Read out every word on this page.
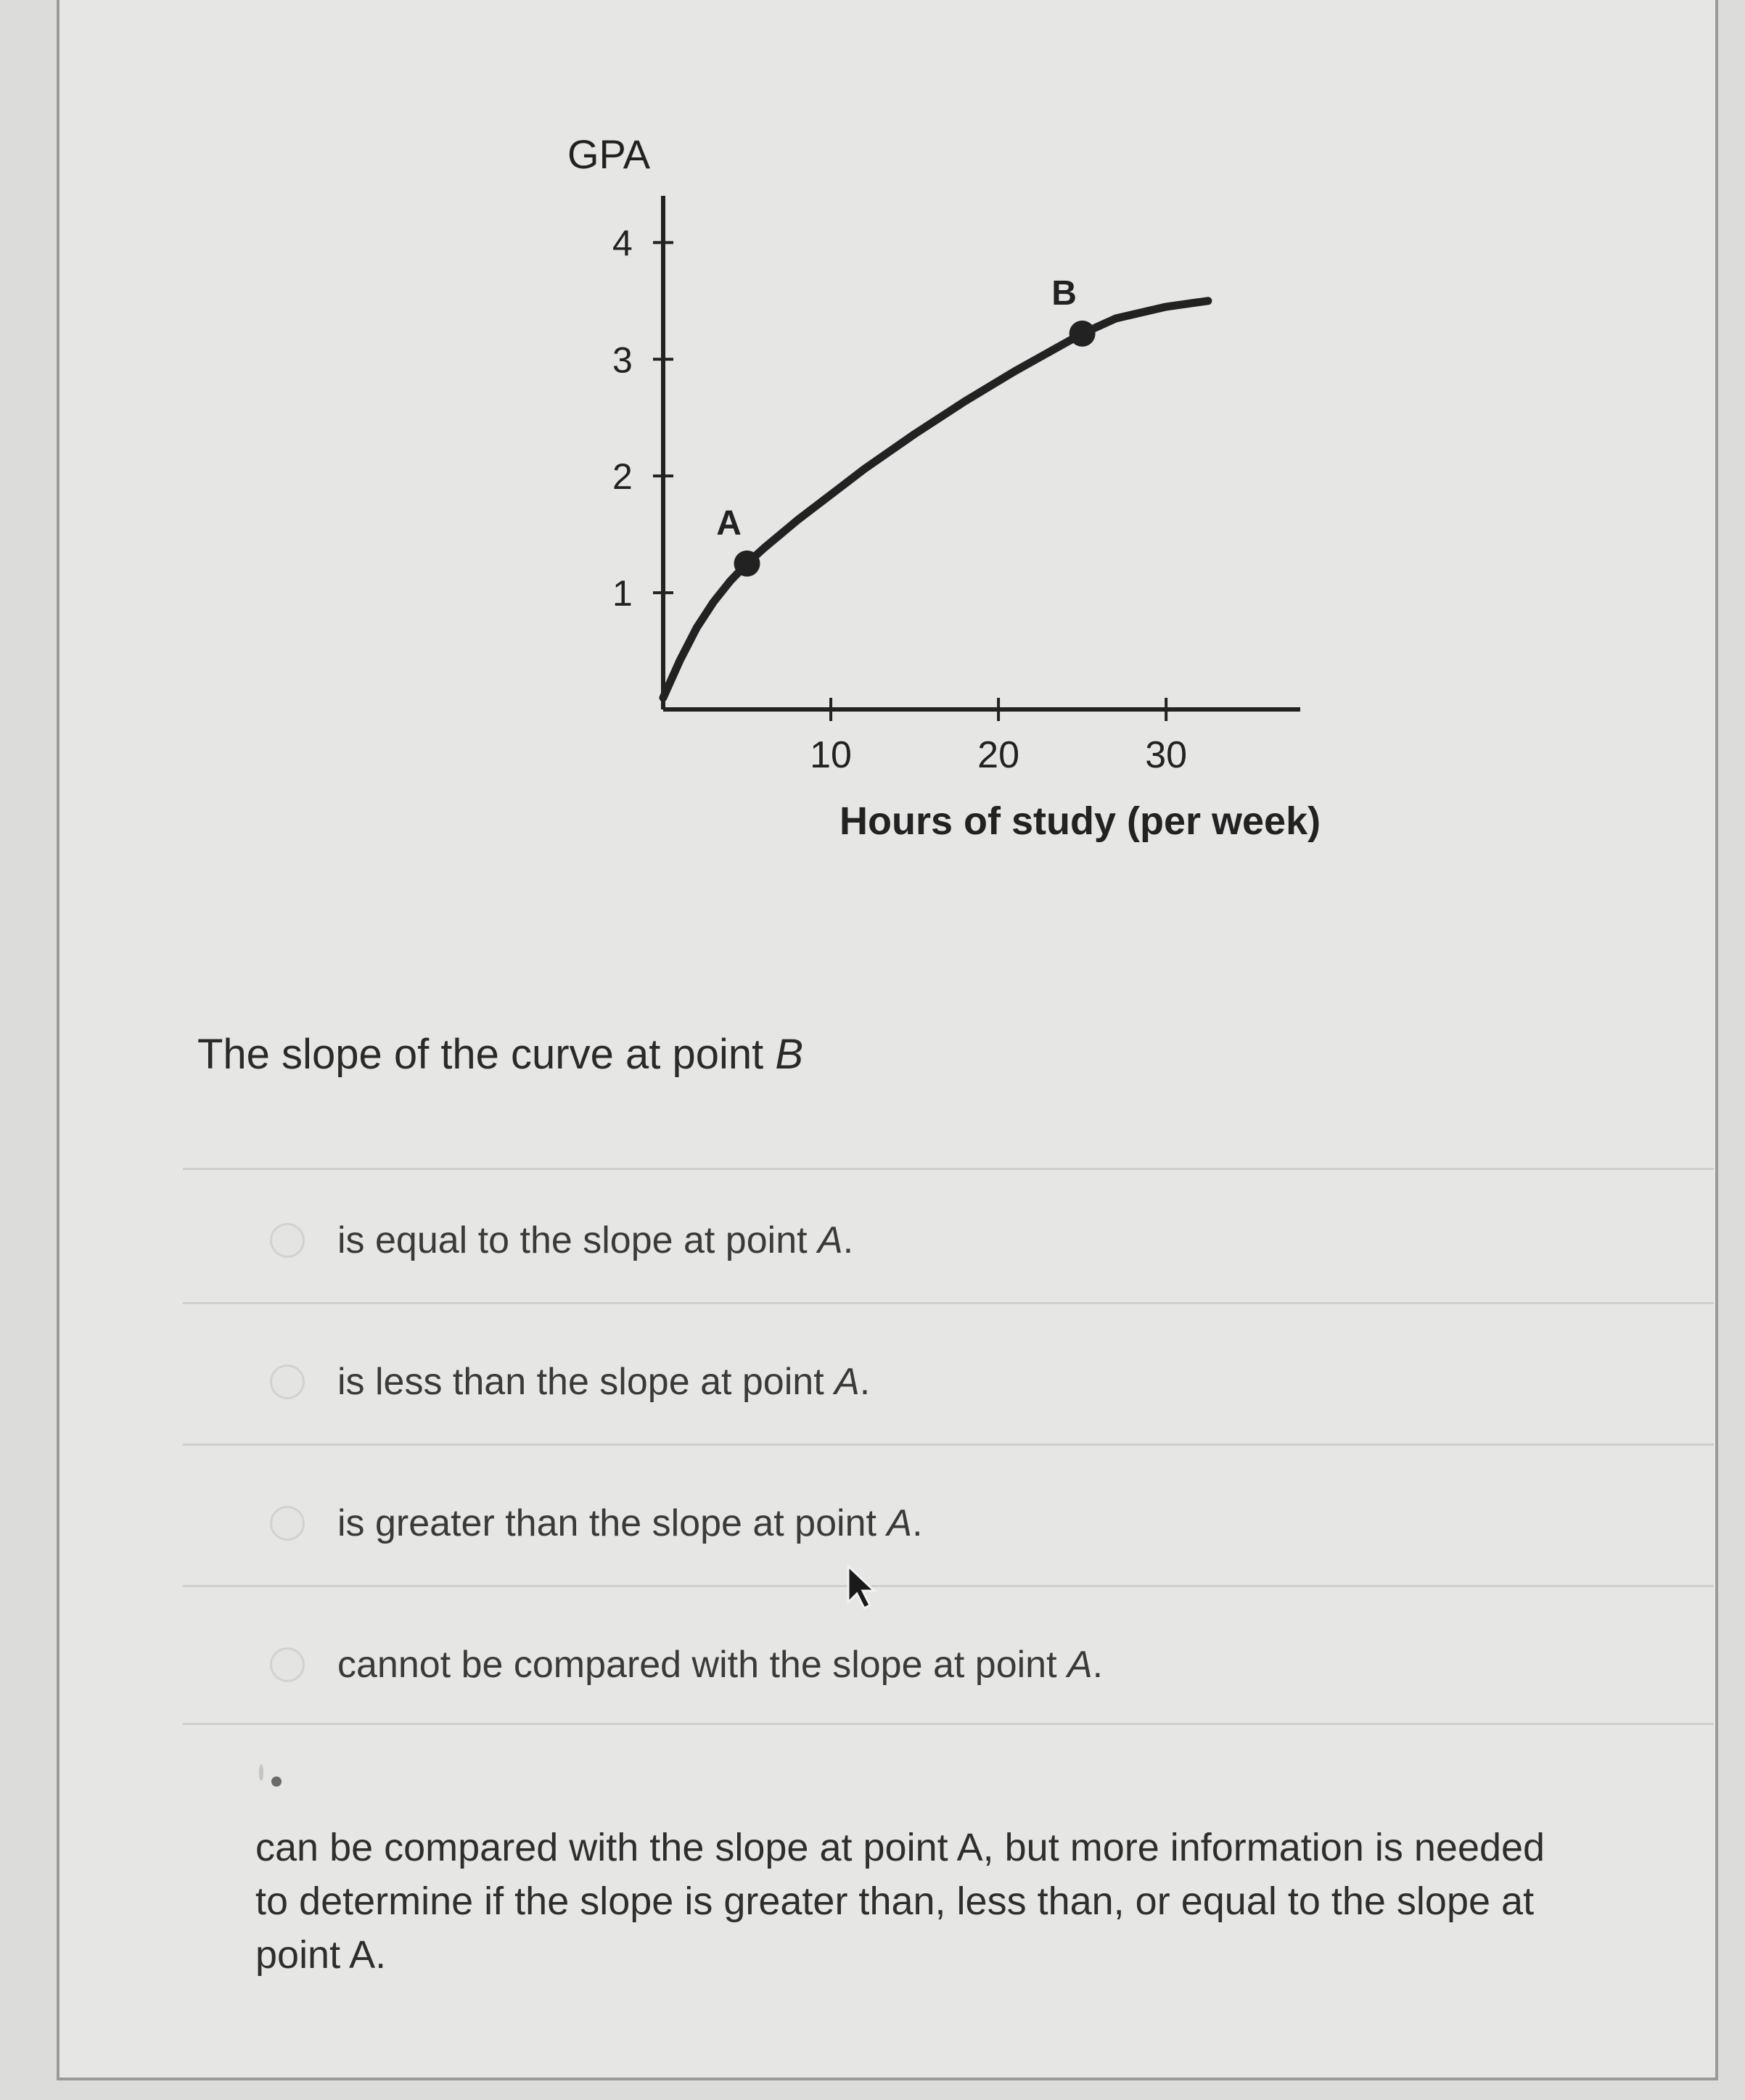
GPA
Hours of study (per week)
1
2
3
4
10	20	30
A
B
The slope of the curve at point B
is equal to the slope at point A.
is less than the slope at point A.
is greater than the slope at point A.
cannot be compared with the slope at point A.
can be compared with the slope at point A, but more information is needed to determine if the slope is greater than, less than, or equal to the slope at point A.
